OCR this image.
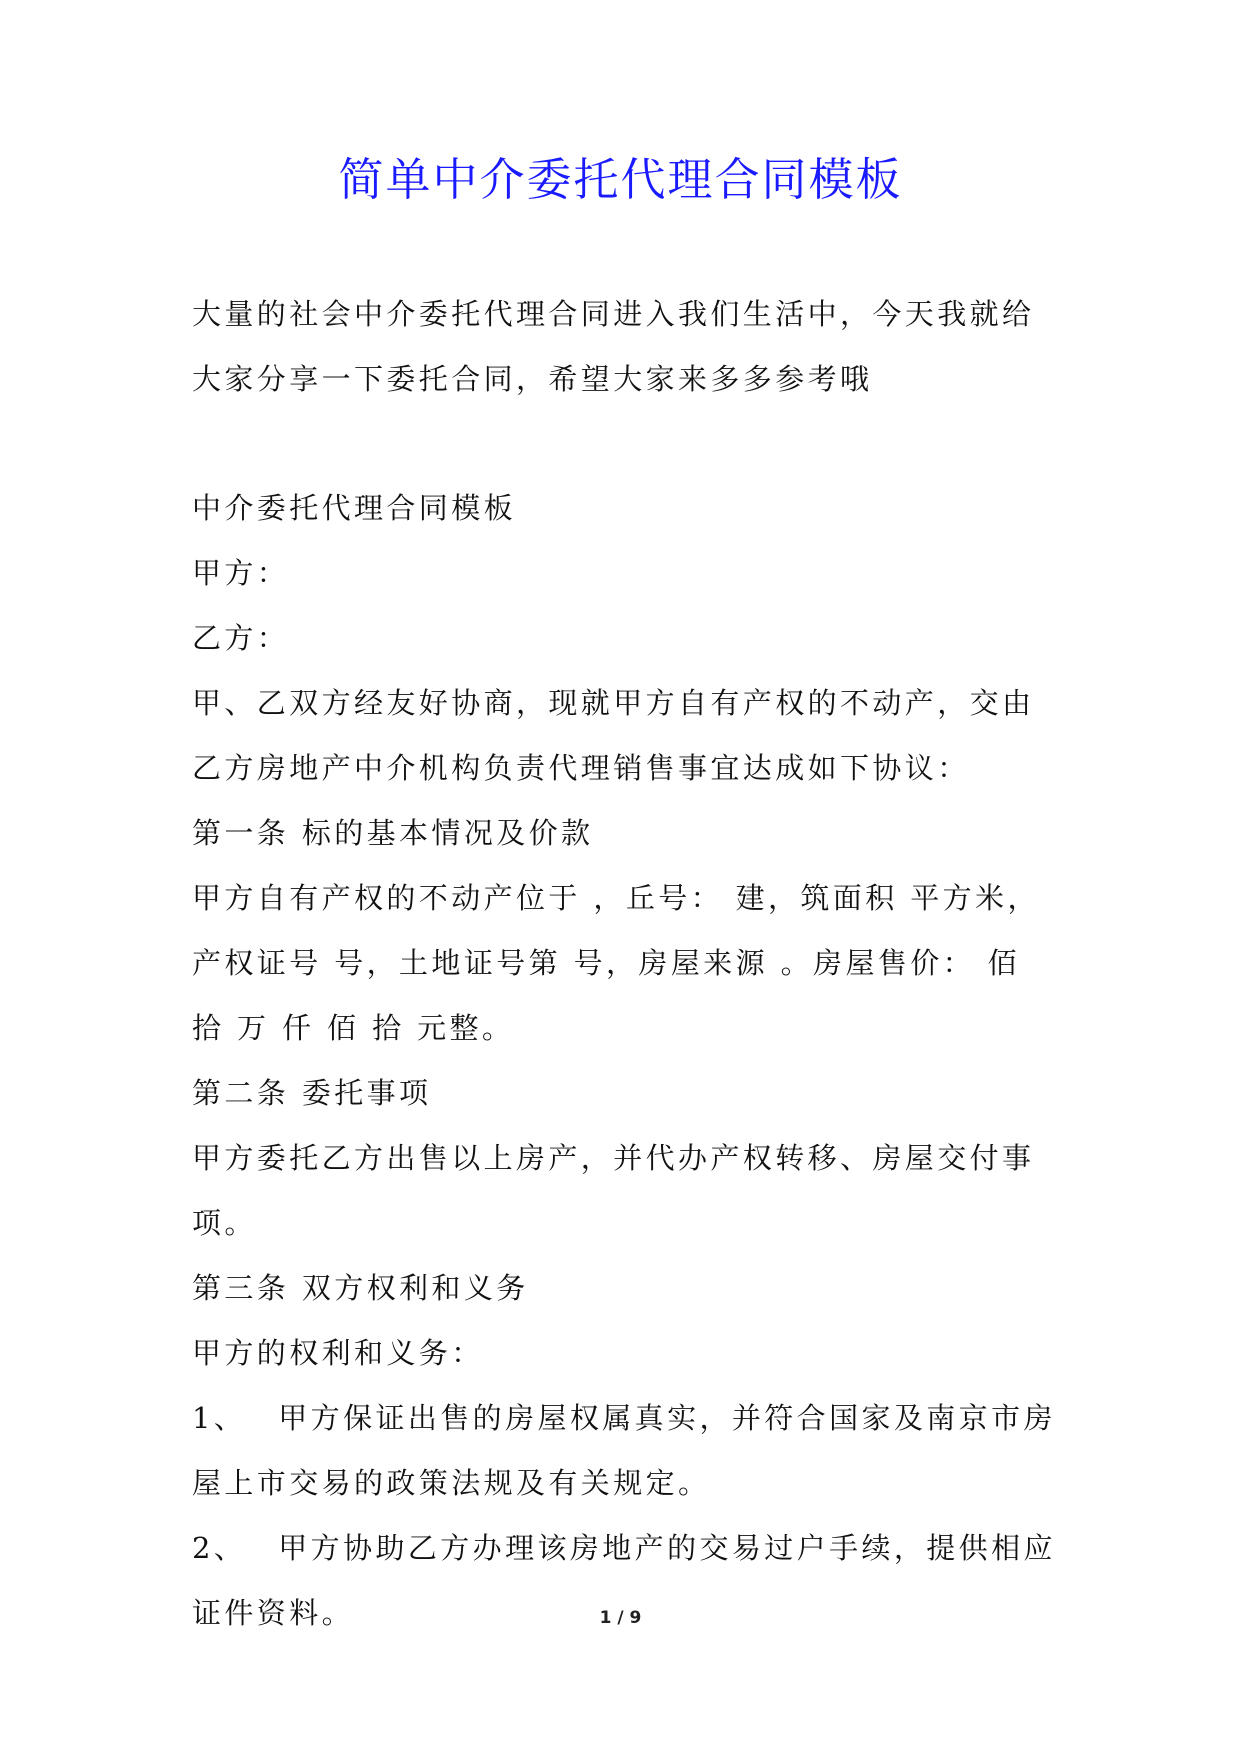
简单中介委托代理合同模板

大量的社会中介委托代理合同进入我们生活中，今天我就给大家分享一下委托合同，希望大家来多多参考哦

中介委托代理合同模板

甲方：

乙方：

甲、乙双方经友好协商，现就甲方自有产权的不动产，交由乙方房地产中介机构负责代理销售事宜达成如下协议：

第一条 标的基本情况及价款

甲方自有产权的不动产位于 ，丘号： 建，筑面积 平方米，产权证号 号，土地证号第 号，房屋来源 。房屋售价： 佰 拾 万 仟 佰 拾 元整。

第二条 委托事项

甲方委托乙方出售以上房产，并代办产权转移、房屋交付事项。

第三条 双方权利和义务

甲方的权利和义务：

1、 甲方保证出售的房屋权属真实，并符合国家及南京市房屋上市交易的政策法规及有关规定。

2、 甲方协助乙方办理该房地产的交易过户手续，提供相应证件资料。	1 / 9
